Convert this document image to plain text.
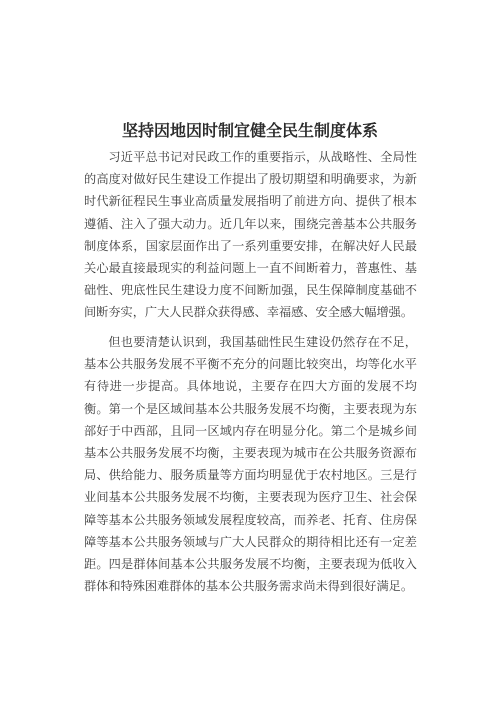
坚持因地因时制宜健全民生制度体系

习近平总书记对民政工作的重要指示，从战略性、全局性的高度对做好民生建设工作提出了殷切期望和明确要求，为新时代新征程民生事业高质量发展指明了前进方向、提供了根本遵循、注入了强大动力。近几年以来，围绕完善基本公共服务制度体系，国家层面作出了一系列重要安排，在解决好人民最关心最直接最现实的利益问题上一直不间断着力，普惠性、基础性、兜底性民生建设力度不间断加强，民生保障制度基础不间断夯实，广大人民群众获得感、幸福感、安全感大幅增强。

但也要清楚认识到，我国基础性民生建设仍然存在不足，基本公共服务发展不平衡不充分的问题比较突出，均等化水平有待进一步提高。具体地说，主要存在四大方面的发展不均衡。第一个是区域间基本公共服务发展不均衡，主要表现为东部好于中西部，且同一区域内存在明显分化。第二个是城乡间基本公共服务发展不均衡，主要表现为城市在公共服务资源布局、供给能力、服务质量等方面均明显优于农村地区。三是行业间基本公共服务发展不均衡，主要表现为医疗卫生、社会保障等基本公共服务领域发展程度较高，而养老、托育、住房保障等基本公共服务领域与广大人民群众的期待相比还有一定差距。四是群体间基本公共服务发展不均衡，主要表现为低收入群体和特殊困难群体的基本公共服务需求尚未得到很好满足。
